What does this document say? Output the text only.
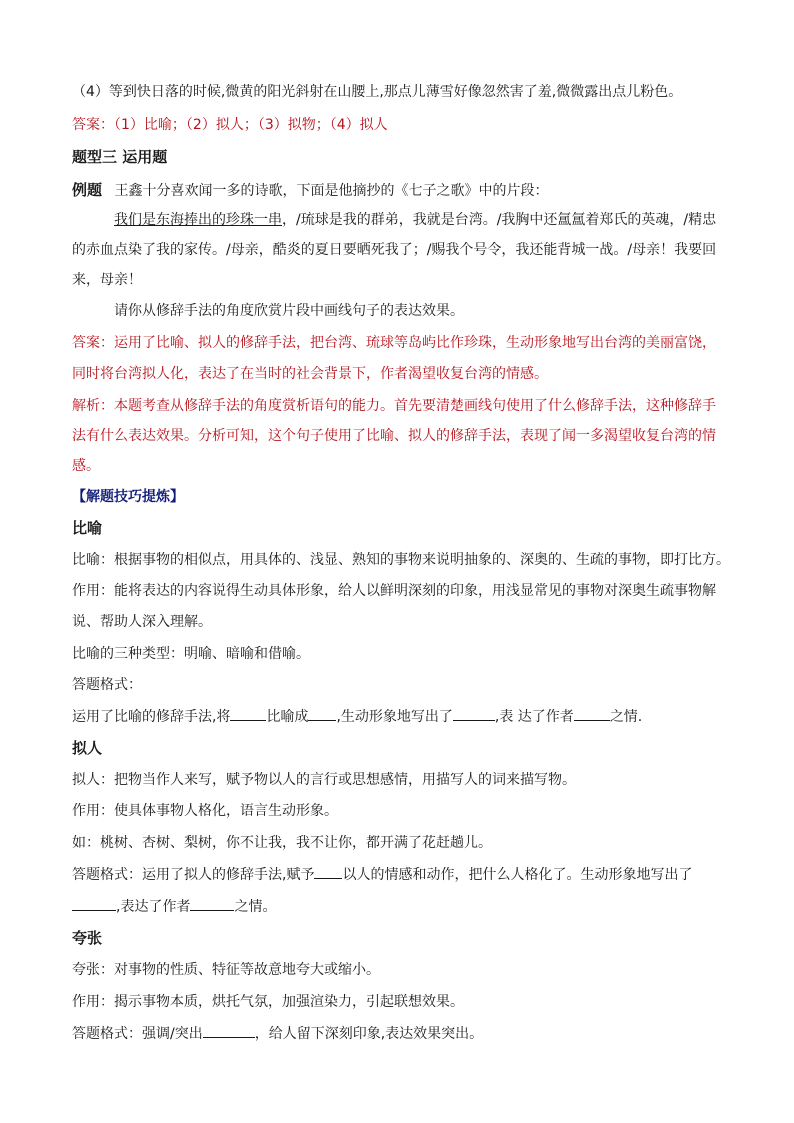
（4）等到快日落的时候,微黄的阳光斜射在山腰上,那点儿薄雪好像忽然害了羞,微微露出点儿粉色。
答案：（1）比喻；（2）拟人；（3）拟物；（4）拟人
题型三 运用题
例题 王鑫十分喜欢闻一多的诗歌，下面是他摘抄的《七子之歌》中的片段：
我们是东海捧出的珍珠一串，/琉球是我的群弟，我就是台湾。/我胸中还氲氲着郑氏的英魂，/精忠
的赤血点染了我的家传。/母亲，酷炎的夏日要晒死我了；/赐我个号令，我还能背城一战。/母亲！我要回
来，母亲！
请你从修辞手法的角度欣赏片段中画线句子的表达效果。
答案：运用了比喻、拟人的修辞手法，把台湾、琉球等岛屿比作珍珠，生动形象地写出台湾的美丽富饶，
同时将台湾拟人化，表达了在当时的社会背景下，作者渴望收复台湾的情感。
解析：本题考查从修辞手法的角度赏析语句的能力。首先要清楚画线句使用了什么修辞手法，这种修辞手
法有什么表达效果。分析可知，这个句子使用了比喻、拟人的修辞手法，表现了闻一多渴望收复台湾的情
感。
【解题技巧提炼】
比喻
比喻：根据事物的相似点，用具体的、浅显、熟知的事物来说明抽象的、深奥的、生疏的事物，即打比方。
作用：能将表达的内容说得生动具体形象，给人以鲜明深刻的印象，用浅显常见的事物对深奥生疏事物解
说、帮助人深入理解。
比喻的三种类型：明喻、暗喻和借喻。
答题格式：
运用了比喻的修辞手法,将	比喻成 ,生动形象地写出了	,表 达了作者	之情.
拟人
拟人：把物当作人来写，赋予物以人的言行或思想感情，用描写人的词来描写物。
作用：使具体事物人格化，语言生动形象。
如：桃树、杏树、梨树，你不让我，我不让你，都开满了花赶趟儿。
答题格式：运用了拟人的修辞手法,赋予 以人的情感和动作，把什么人格化了。生动形象地写出了
,表达了作者	之情。
夸张
夸张：对事物的性质、特征等故意地夸大或缩小。
作用：揭示事物本质，烘托气氛，加强渲染力，引起联想效果。
答题格式：强调/突出	，给人留下深刻印象,表达效果突出。
